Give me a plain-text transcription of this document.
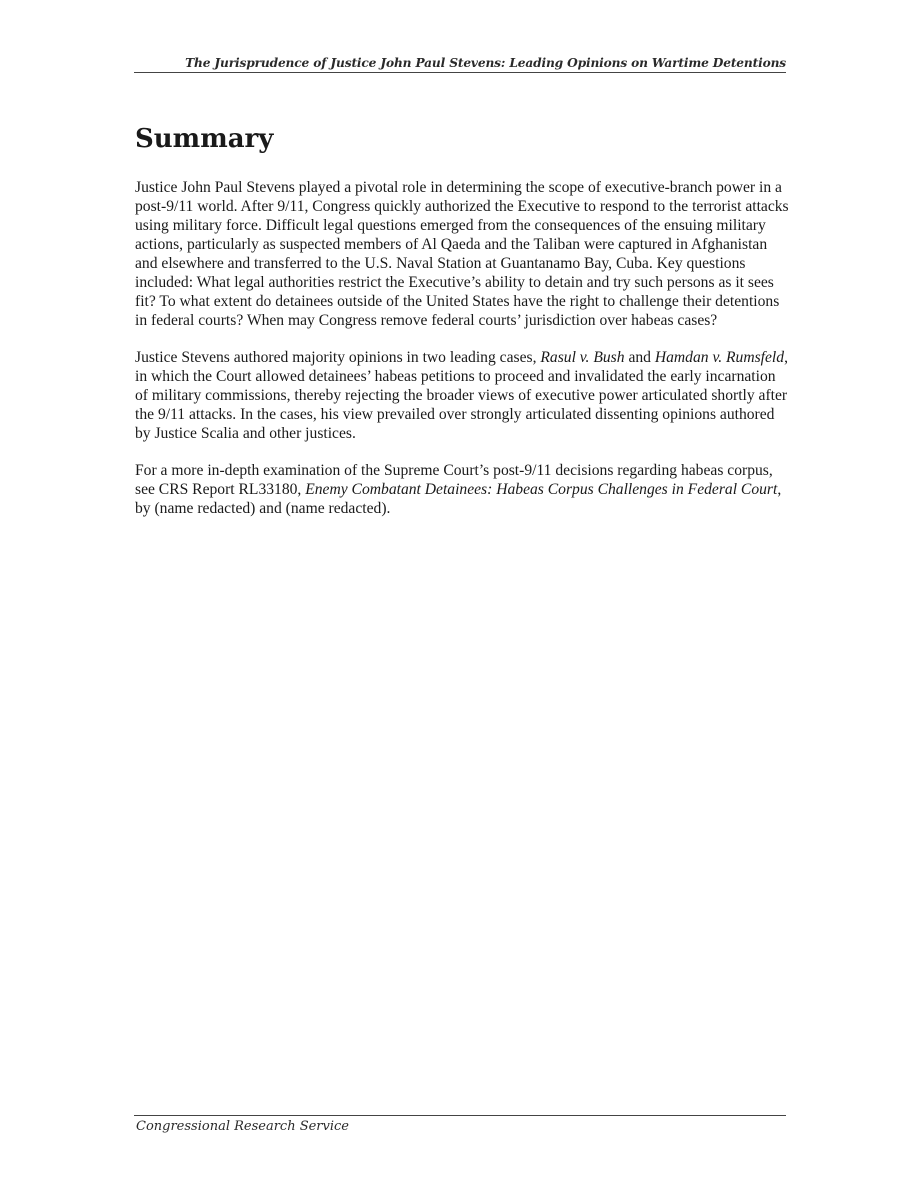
The Jurisprudence of Justice John Paul Stevens: Leading Opinions on Wartime Detentions
Summary

Justice John Paul Stevens played a pivotal role in determining the scope of executive-branch power in a post-9/11 world. After 9/11, Congress quickly authorized the Executive to respond to the terrorist attacks using military force. Difficult legal questions emerged from the consequences of the ensuing military actions, particularly as suspected members of Al Qaeda and the Taliban were captured in Afghanistan and elsewhere and transferred to the U.S. Naval Station at Guantanamo Bay, Cuba. Key questions included: What legal authorities restrict the Executive’s ability to detain and try such persons as it sees fit? To what extent do detainees outside of the United States have the right to challenge their detentions in federal courts? When may Congress remove federal courts’ jurisdiction over habeas cases?

Justice Stevens authored majority opinions in two leading cases, Rasul v. Bush and Hamdan v. Rumsfeld, in which the Court allowed detainees’ habeas petitions to proceed and invalidated the early incarnation of military commissions, thereby rejecting the broader views of executive power articulated shortly after the 9/11 attacks. In the cases, his view prevailed over strongly articulated dissenting opinions authored by Justice Scalia and other justices.

For a more in-depth examination of the Supreme Court’s post-9/11 decisions regarding habeas corpus, see CRS Report RL33180, Enemy Combatant Detainees: Habeas Corpus Challenges in Federal Court, by (name redacted) and (name redacted).

Congressional Research Service
